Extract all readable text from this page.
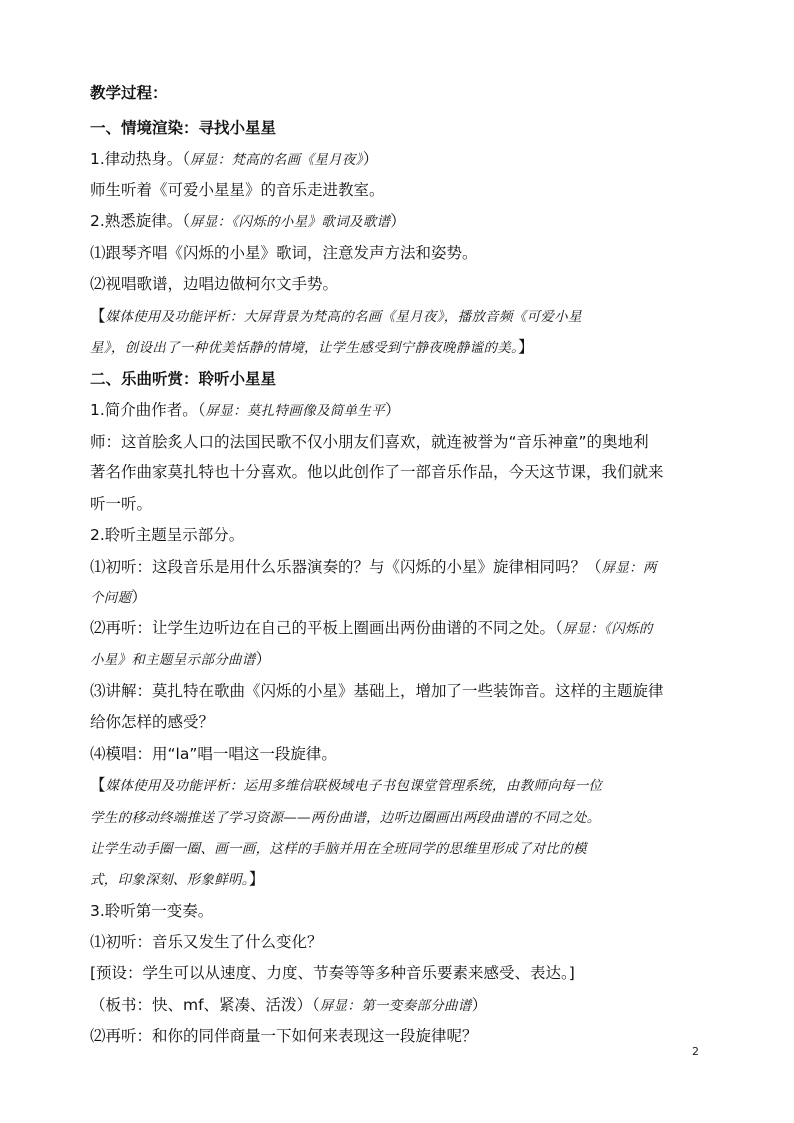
教学过程：
一、情境渲染：寻找小星星
1.律动热身。（屏显：梵高的名画《星月夜》）
师生听着《可爱小星星》的音乐走进教室。
2.熟悉旋律。（屏显：《闪烁的小星》歌词及歌谱）
⑴跟琴齐唱《闪烁的小星》歌词，注意发声方法和姿势。
⑵视唱歌谱，边唱边做柯尔文手势。
【媒体使用及功能评析：大屏背景为梵高的名画《星月夜》，播放音频《可爱小星
星》，创设出了一种优美恬静的情境，让学生感受到宁静夜晚静谧的美。】
二、乐曲听赏：聆听小星星
1.简介曲作者。（屏显：莫扎特画像及简单生平）
师：这首脍炙人口的法国民歌不仅小朋友们喜欢，就连被誉为“音乐神童”的奥地利
著名作曲家莫扎特也十分喜欢。他以此创作了一部音乐作品，今天这节课，我们就来
听一听。
2.聆听主题呈示部分。
⑴初听：这段音乐是用什么乐器演奏的？与《闪烁的小星》旋律相同吗？（屏显：两
个问题）
⑵再听：让学生边听边在自己的平板上圈画出两份曲谱的不同之处。（屏显：《闪烁的
小星》和主题呈示部分曲谱）
⑶讲解：莫扎特在歌曲《闪烁的小星》基础上，增加了一些装饰音。这样的主题旋律
给你怎样的感受？
⑷模唱：用“la”唱一唱这一段旋律。
【媒体使用及功能评析：运用多维信联极域电子书包课堂管理系统，由教师向每一位
学生的移动终端推送了学习资源——两份曲谱，边听边圈画出两段曲谱的不同之处。
让学生动手圈一圈、画一画，这样的手脑并用在全班同学的思维里形成了对比的模
式，印象深刻、形象鲜明。】
3.聆听第一变奏。
⑴初听：音乐又发生了什么变化？
[预设：学生可以从速度、力度、节奏等等多种音乐要素来感受、表达。]
（板书：快、mf、紧凑、活泼）（屏显：第一变奏部分曲谱）
⑵再听：和你的同伴商量一下如何来表现这一段旋律呢？
2
